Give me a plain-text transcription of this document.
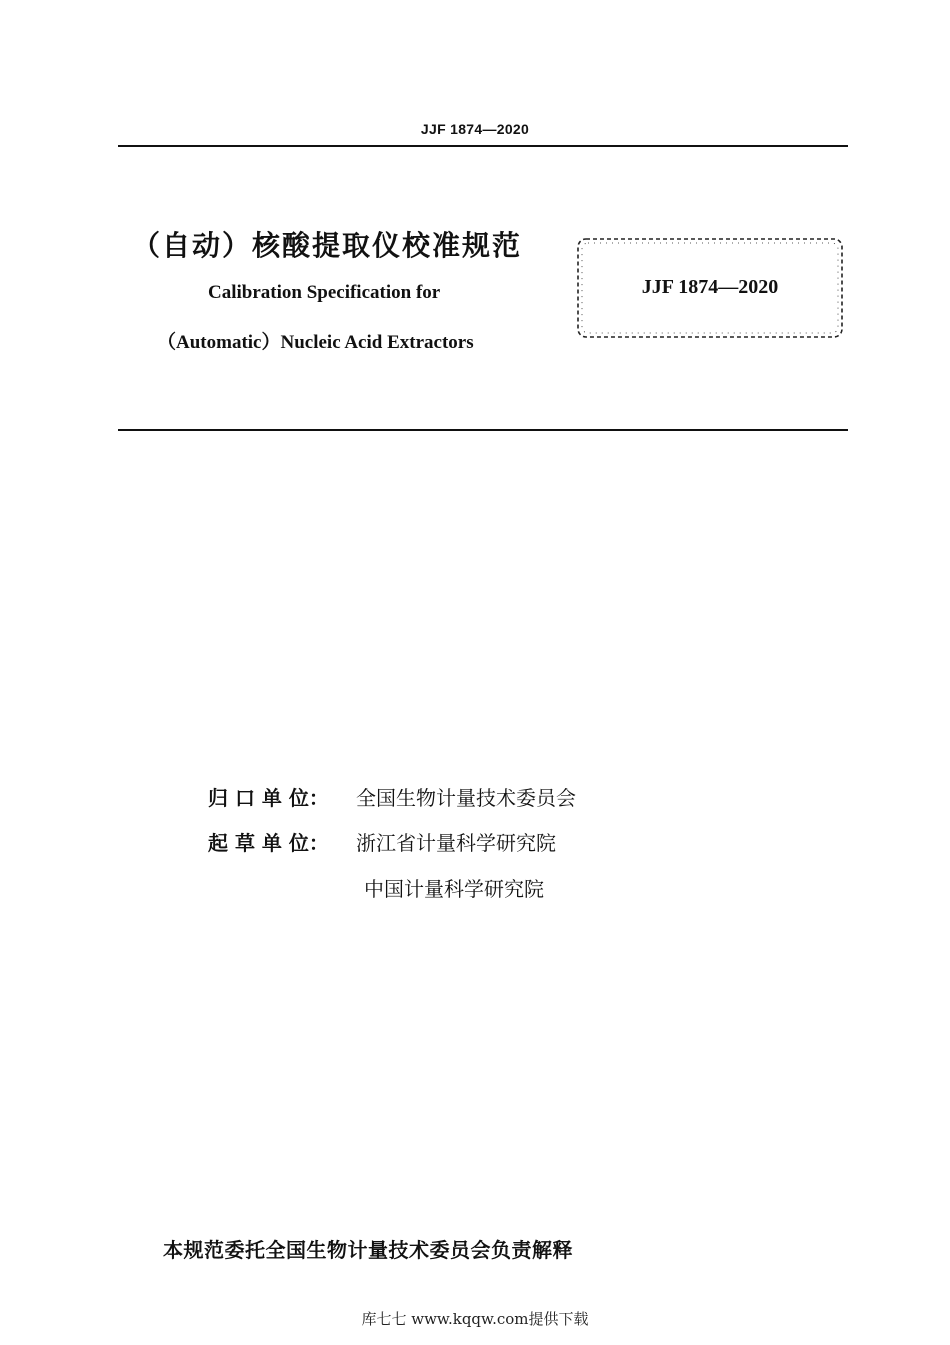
JJF 1874—2020
（自动）核酸提取仪校准规范
Calibration Specification for
（Automatic）Nucleic Acid Extractors
JJF 1874—2020
归 口 单 位： 全国生物计量技术委员会
起 草 单 位： 浙江省计量科学研究院
中国计量科学研究院
本规范委托全国生物计量技术委员会负责解释
库七七 www.kqqw.com提供下载
